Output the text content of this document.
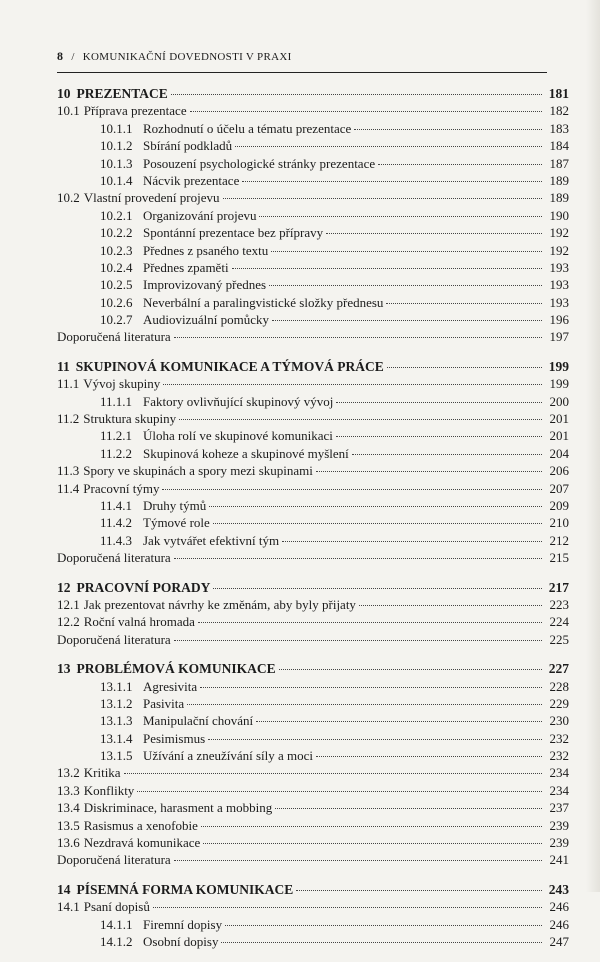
8 / KOMUNIKAČNÍ DOVEDNOSTI V PRAXI
10 PREZENTACE	181
10.1 Příprava prezentace	182
10.1.1 Rozhodnutí o účelu a tématu prezentace	183
10.1.2 Sbírání podkladů	184
10.1.3 Posouzení psychologické stránky prezentace	187
10.1.4 Nácvik prezentace	189
10.2 Vlastní provedení projevu	189
10.2.1 Organizování projevu	190
10.2.2 Spontánní prezentace bez přípravy	192
10.2.3 Přednes z psaného textu	192
10.2.4 Přednes zpaměti	193
10.2.5 Improvizovaný přednes	193
10.2.6 Neverbální a paralingvistické složky přednesu	193
10.2.7 Audiovizuální pomůcky	196
Doporučená literatura	197
11 SKUPINOVÁ KOMUNIKACE A TÝMOVÁ PRÁCE	199
11.1 Vývoj skupiny	199
11.1.1 Faktory ovlivňující skupinový vývoj	200
11.2 Struktura skupiny	201
11.2.1 Úloha rolí ve skupinové komunikaci	201
11.2.2 Skupinová koheze a skupinové myšlení	204
11.3 Spory ve skupinách a spory mezi skupinami	206
11.4 Pracovní týmy	207
11.4.1 Druhy týmů	209
11.4.2 Týmové role	210
11.4.3 Jak vytvářet efektivní tým	212
Doporučená literatura	215
12 PRACOVNÍ PORADY	217
12.1 Jak prezentovat návrhy ke změnám, aby byly přijaty	223
12.2 Roční valná hromada	224
Doporučená literatura	225
13 PROBLÉMOVÁ KOMUNIKACE	227
13.1.1 Agresivita	228
13.1.2 Pasivita	229
13.1.3 Manipulační chování	230
13.1.4 Pesimismus	232
13.1.5 Užívání a zneužívání síly a moci	232
13.2 Kritika	234
13.3 Konflikty	234
13.4 Diskriminace, harasment a mobbing	237
13.5 Rasismus a xenofobie	239
13.6 Nezdravá komunikace	239
Doporučená literatura	241
14 PÍSEMNÁ FORMA KOMUNIKACE	243
14.1 Psaní dopisů	246
14.1.1 Firemní dopisy	246
14.1.2 Osobní dopisy	247
